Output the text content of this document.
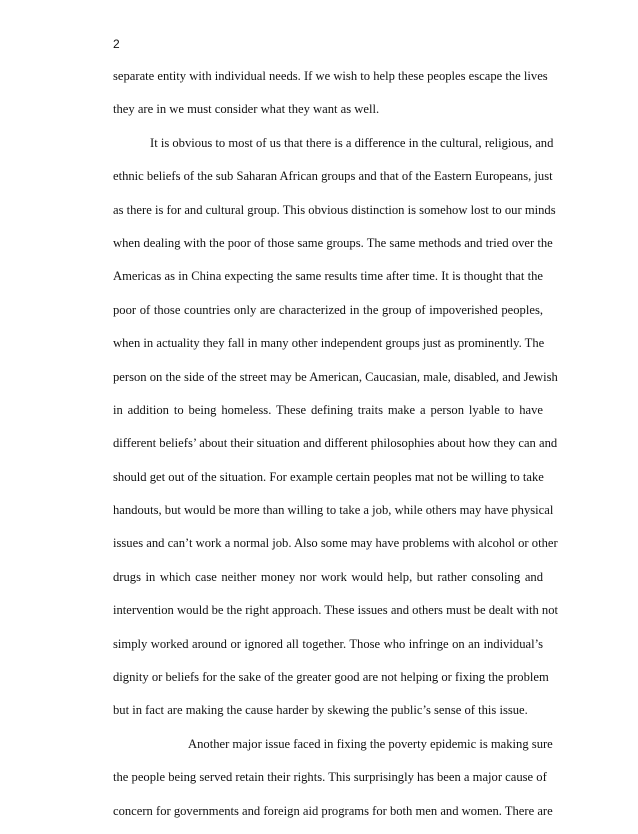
2
separate entity with individual needs. If we wish to help these peoples escape the lives
they are in we must consider what they want as well.
It is obvious to most of us that there is a difference in the cultural, religious, and
ethnic beliefs of the sub Saharan African groups and that of the Eastern Europeans, just
as there is for and cultural group. This obvious distinction is somehow lost to our minds
when dealing with the poor of those same groups. The same methods and tried over the
Americas as in China expecting the same results time after time. It is thought that the
poor of those countries only are characterized in the group of impoverished peoples,
when in actuality they fall in many other independent groups just as prominently. The
person on the side of the street may be American, Caucasian, male, disabled, and Jewish
in addition to being homeless. These defining traits make a person lyable to have
different beliefs’ about their situation and different philosophies about how they can and
should get out of the situation. For example certain peoples mat not be willing to take
handouts, but would be more than willing to take a job, while others may have physical
issues and can’t work a normal job. Also some may have problems with alcohol or other
drugs in which case neither money nor work would help, but rather consoling and
intervention would be the right approach. These issues and others must be dealt with not
simply worked around or ignored all together. Those who infringe on an individual’s
dignity or beliefs for the sake of the greater good are not helping or fixing the problem
but in fact are making the cause harder by skewing the public’s sense of this issue.
Another major issue faced in fixing the poverty epidemic is making sure
the people being served retain their rights. This surprisingly has been a major cause of
concern for governments and foreign aid programs for both men and women. There are
